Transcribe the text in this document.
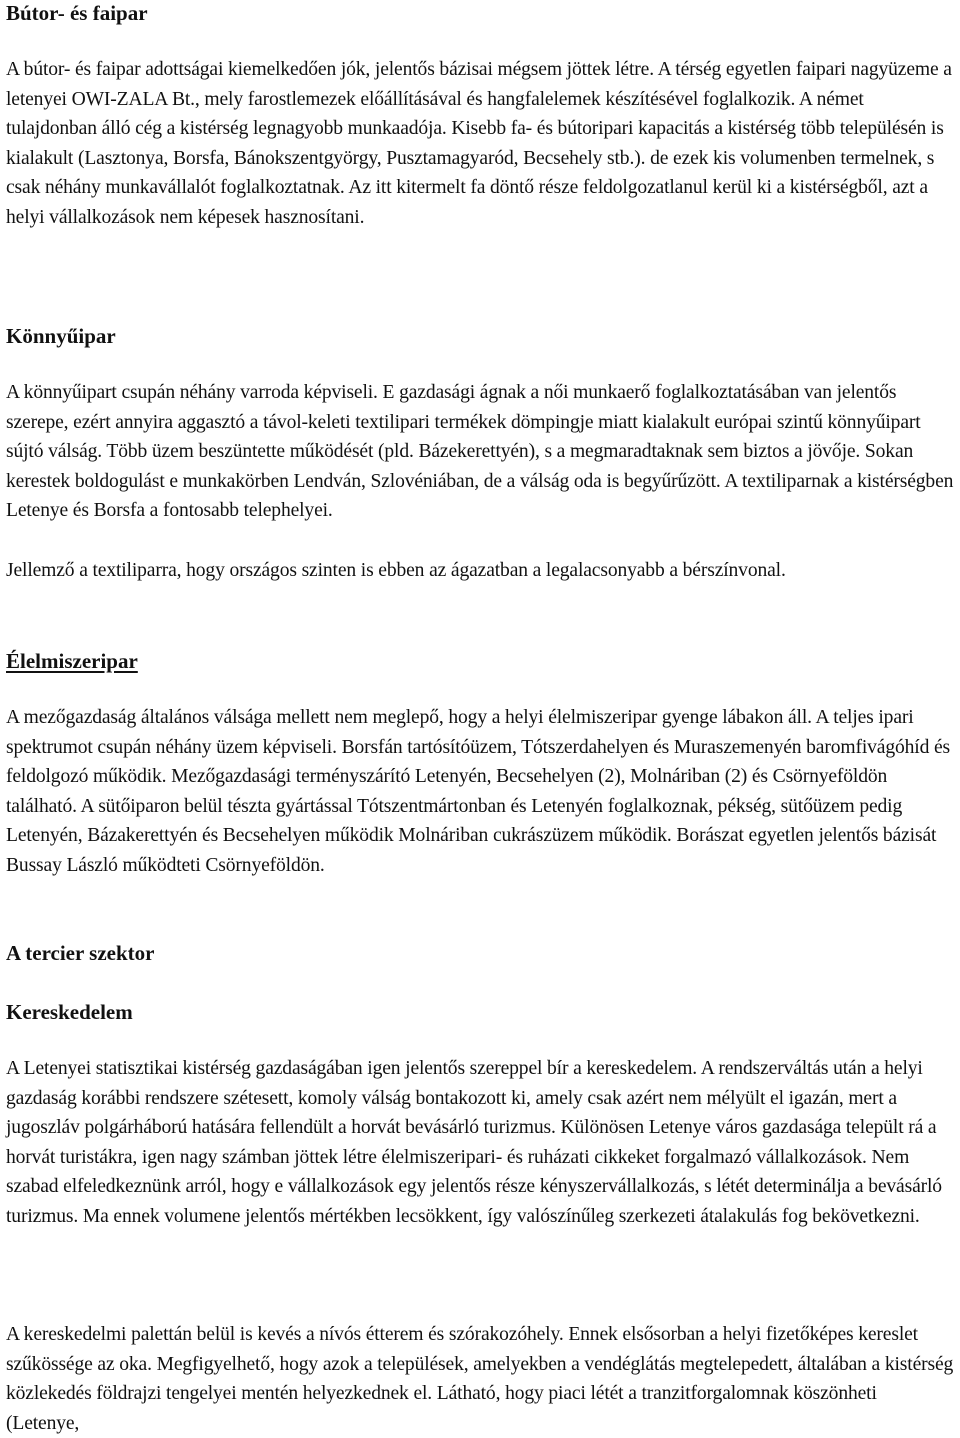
Bútor- és faipar

A bútor- és faipar adottságai kiemelkedően jók, jelentős bázisai mégsem jöttek létre. A térség egyetlen faipari nagyüzeme a letenyei OWI-ZALA Bt., mely farostlemezek előállításával és hangfalelemek készítésével foglalkozik. A német tulajdonban álló cég a kistérség legnagyobb munkaadója. Kisebb fa- és bútoripari kapacitás a kistérség több településén is kialakult (Lasztonya, Borsfa, Bánokszentgyörgy, Pusztamagyaród, Becsehely stb.). de ezek kis volumenben termelnek, s csak néhány munkavállalót foglalkoztatnak. Az itt kitermelt fa döntő része feldolgozatlanul kerül ki a kistérségből, azt a helyi vállalkozások nem képesek hasznosítani.

Könnyűipar

A könnyűipart csupán néhány varroda képviseli. E gazdasági ágnak a női munkaerő foglalkoztatásában van jelentős szerepe, ezért annyira aggasztó a távol-keleti textilipari termékek dömpingje miatt kialakult európai szintű könnyűipart sújtó válság. Több üzem beszüntette működését (pld. Bázekerettyén), s a megmaradtaknak sem biztos a jövője. Sokan kerestek boldogulást e munkakörben Lendván, Szlovéniában, de a válság oda is begyűrűzött. A textiliparnak a kistérségben Letenye és Borsfa a fontosabb telephelyei.

Jellemző a textiliparra, hogy országos szinten is ebben az ágazatban a legalacsonyabb a bérszínvonal.

Élelmiszeripar

A mezőgazdaság általános válsága mellett nem meglepő, hogy a helyi élelmiszeripar gyenge lábakon áll. A teljes ipari spektrumot csupán néhány üzem képviseli. Borsfán tartósítóüzem, Tótszerdahelyen és Muraszemenyén baromfivágóhíd és feldolgozó működik. Mezőgazdasági terményszárító Letenyén, Becsehelyen (2), Molnáriban (2) és Csörnyeföldön található. A sütőiparon belül tészta gyártással Tótszentmártonban és Letenyén foglalkoznak, pékség, sütőüzem pedig Letenyén, Bázakerettyén és Becsehelyen működik Molnáriban cukrászüzem működik. Borászat egyetlen jelentős bázisát Bussay László működteti Csörnyeföldön.

A tercier szektor
Kereskedelem

A Letenyei statisztikai kistérség gazdaságában igen jelentős szereppel bír a kereskedelem. A rendszerváltás után a helyi gazdaság korábbi rendszere szétesett, komoly válság bontakozott ki, amely csak azért nem mélyült el igazán, mert a jugoszláv polgárháború hatására fellendült a horvát bevásárló turizmus. Különösen Letenye város gazdasága települt rá a horvát turistákra, igen nagy számban jöttek létre élelmiszeripari- és ruházati cikkeket forgalmazó vállalkozások. Nem szabad elfeledkeznünk arról, hogy e vállalkozások egy jelentős része kényszervállalkozás, s létét determinálja a bevásárló turizmus. Ma ennek volumene jelentős mértékben lecsökkent, így valószínűleg szerkezeti átalakulás fog bekövetkezni.

A kereskedelmi palettán belül is kevés a nívós étterem és szórakozóhely. Ennek elsősorban a helyi fizetőképes kereslet szűkössége az oka. Megfigyelhető, hogy azok a települések, amelyekben a vendéglátás megtelepedett, általában a kistérség közlekedés földrajzi tengelyei mentén helyezkednek el. Látható, hogy piaci létét a tranzitforgalomnak köszönheti (Letenye,
